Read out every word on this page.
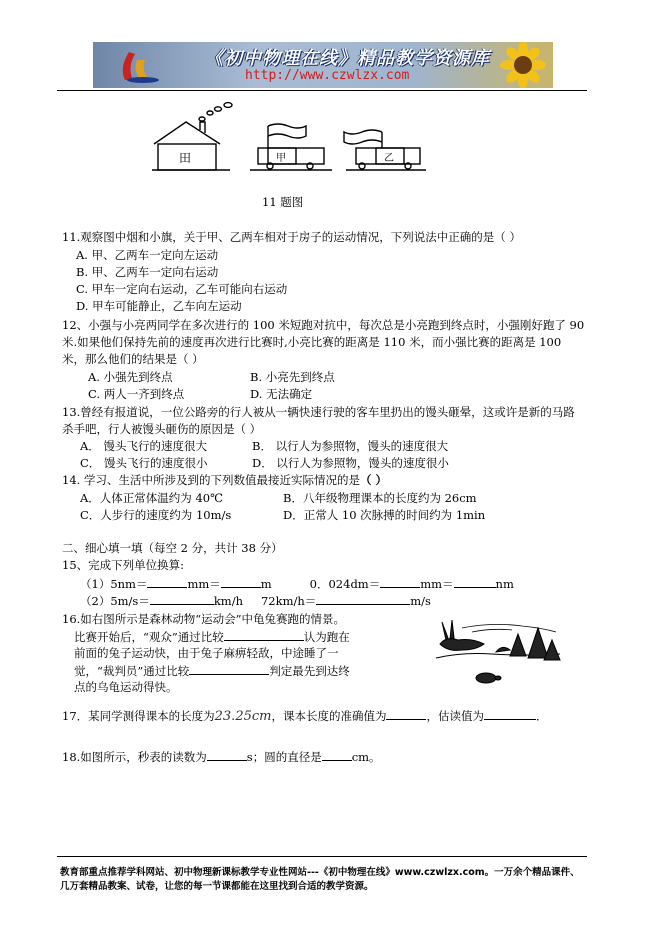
《初中物理在线》精品教学资源库
http://www.czwlzx.com
田	甲	乙
11 题图
11.观察图中烟和小旗，关于甲、乙两车相对于房子的运动情况，下列说法中正确的是（ ）
A. 甲、乙两车一定向左运动
B. 甲、乙两车一定向右运动
C. 甲车一定向右运动，乙车可能向右运动
D. 甲车可能静止，乙车向左运动
12、小强与小亮两同学在多次进行的 100 米短跑对抗中，每次总是小亮跑到终点时，小强刚好跑了 90
米.如果他们保持先前的速度再次进行比赛时,小亮比赛的距离是 110 米，而小强比赛的距离是 100
米，那么他们的结果是（ ）
A. 小强先到终点	B. 小亮先到终点
C. 两人一齐到终点	D. 无法确定
13.曾经有报道说，一位公路旁的行人被从一辆快速行驶的客车里扔出的馒头砸晕，这或许是新的马路
杀手吧，行人被馒头砸伤的原因是（ ）
A． 馒头飞行的速度很大	B． 以行人为参照物，馒头的速度很大
C． 馒头飞行的速度很小	D． 以行人为参照物，馒头的速度很小
14. 学习、生活中所涉及到的下列数值最接近实际情况的是（ ）
A．人体正常体温约为 40℃	B．八年级物理课本的长度约为 26cm
C．人步行的速度约为 10m/s	D．正常人 10 次脉搏的时间约为 1min
二、细心填一填（每空 2 分，共计 38 分）
15、完成下列单位换算:
（1）5nm＝	mm＝	m	0．024dm＝	mm＝	nm
（2）5m/s＝	km/h 72km/h＝	m/s
16.如右图所示是森林动物“运动会”中龟兔赛跑的情景。
比赛开始后，“观众”通过比较	认为跑在
前面的兔子运动快，由于兔子麻痹轻敌，中途睡了一
觉，“裁判员”通过比较	判定最先到达终
点的乌龟运动得快。
17．某同学测得课本的长度为23.25cm，课本长度的准确值为	，估读值为	．
18.如图所示，秒表的读数为	s；圆的直径是	cm。
教育部重点推荐学科网站、初中物理新课标教学专业性网站---《初中物理在线》www.czwlzx.com。一万余个精品课件、
几万套精品教案、试卷，让您的每一节课都能在这里找到合适的教学资源。
